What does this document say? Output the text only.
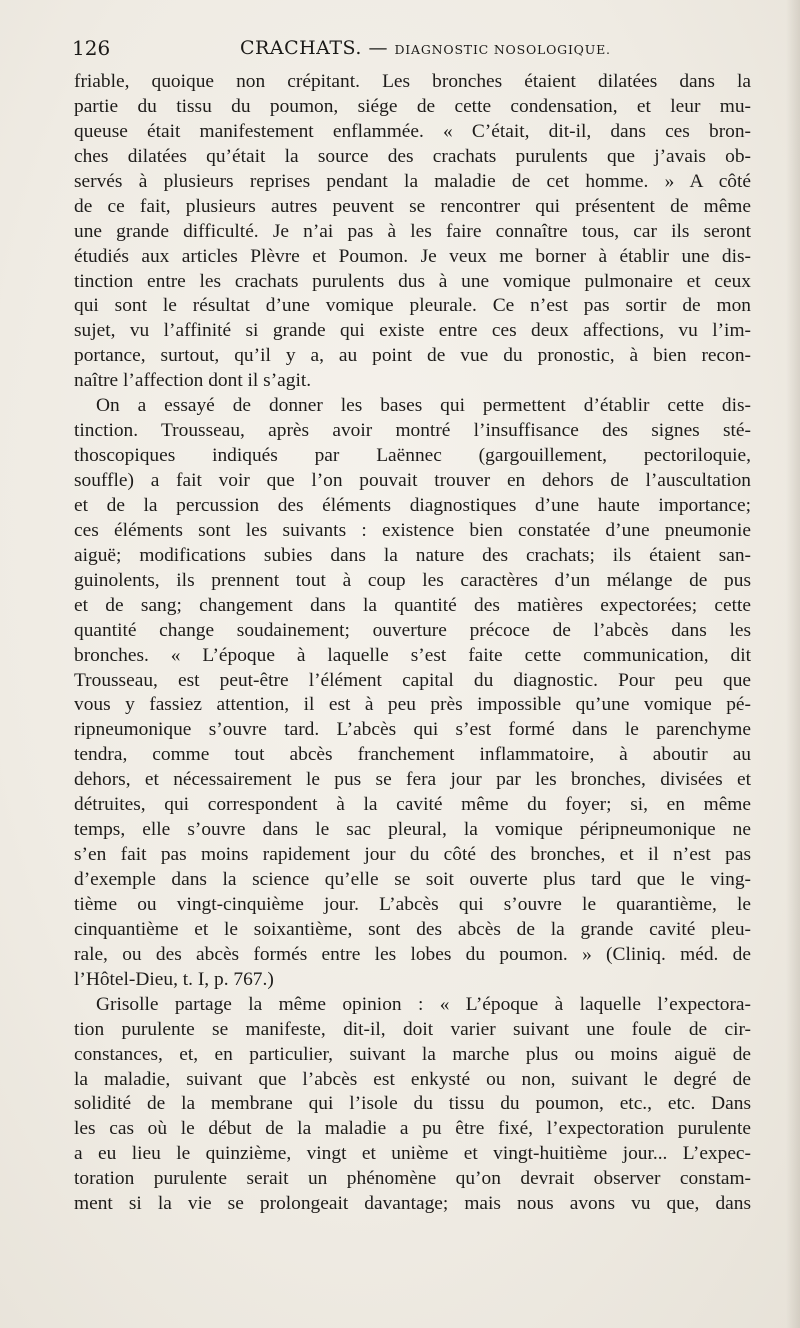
126	CRACHATS. — DIAGNOSTIC NOSOLOGIQUE.
friable, quoique non crépitant. Les bronches étaient dilatées dans la
partie du tissu du poumon, siége de cette condensation, et leur mu-
queuse était manifestement enflammée. « C’était, dit-il, dans ces bron-
ches dilatées qu’était la source des crachats purulents que j’avais ob-
servés à plusieurs reprises pendant la maladie de cet homme. » A côté
de ce fait, plusieurs autres peuvent se rencontrer qui présentent de même
une grande difficulté. Je n’ai pas à les faire connaître tous, car ils seront
étudiés aux articles Plèvre et Poumon. Je veux me borner à établir une dis-
tinction entre les crachats purulents dus à une vomique pulmonaire et ceux
qui sont le résultat d’une vomique pleurale. Ce n’est pas sortir de mon
sujet, vu l’affinité si grande qui existe entre ces deux affections, vu l’im-
portance, surtout, qu’il y a, au point de vue du pronostic, à bien recon-
naître l’affection dont il s’agit.
On a essayé de donner les bases qui permettent d’établir cette dis-
tinction. Trousseau, après avoir montré l’insuffisance des signes sté-
thoscopiques indiqués par Laënnec (gargouillement, pectoriloquie,
souffle) a fait voir que l’on pouvait trouver en dehors de l’auscultation
et de la percussion des éléments diagnostiques d’une haute importance;
ces éléments sont les suivants : existence bien constatée d’une pneumonie
aiguë; modifications subies dans la nature des crachats; ils étaient san-
guinolents, ils prennent tout à coup les caractères d’un mélange de pus
et de sang; changement dans la quantité des matières expectorées; cette
quantité change soudainement; ouverture précoce de l’abcès dans les
bronches. « L’époque à laquelle s’est faite cette communication, dit
Trousseau, est peut-être l’élément capital du diagnostic. Pour peu que
vous y fassiez attention, il est à peu près impossible qu’une vomique pé-
ripneumonique s’ouvre tard. L’abcès qui s’est formé dans le parenchyme
tendra, comme tout abcès franchement inflammatoire, à aboutir au
dehors, et nécessairement le pus se fera jour par les bronches, divisées et
détruites, qui correspondent à la cavité même du foyer; si, en même
temps, elle s’ouvre dans le sac pleural, la vomique péripneumonique ne
s’en fait pas moins rapidement jour du côté des bronches, et il n’est pas
d’exemple dans la science qu’elle se soit ouverte plus tard que le ving-
tième ou vingt-cinquième jour. L’abcès qui s’ouvre le quarantième, le
cinquantième et le soixantième, sont des abcès de la grande cavité pleu-
rale, ou des abcès formés entre les lobes du poumon. » (Cliniq. méd. de
l’Hôtel-Dieu, t. I, p. 767.)
Grisolle partage la même opinion : « L’époque à laquelle l’expectora-
tion purulente se manifeste, dit-il, doit varier suivant une foule de cir-
constances, et, en particulier, suivant la marche plus ou moins aiguë de
la maladie, suivant que l’abcès est enkysté ou non, suivant le degré de
solidité de la membrane qui l’isole du tissu du poumon, etc., etc. Dans
les cas où le début de la maladie a pu être fixé, l’expectoration purulente
a eu lieu le quinzième, vingt et unième et vingt-huitième jour... L’expec-
toration purulente serait un phénomène qu’on devrait observer constam-
ment si la vie se prolongeait davantage; mais nous avons vu que, dans
